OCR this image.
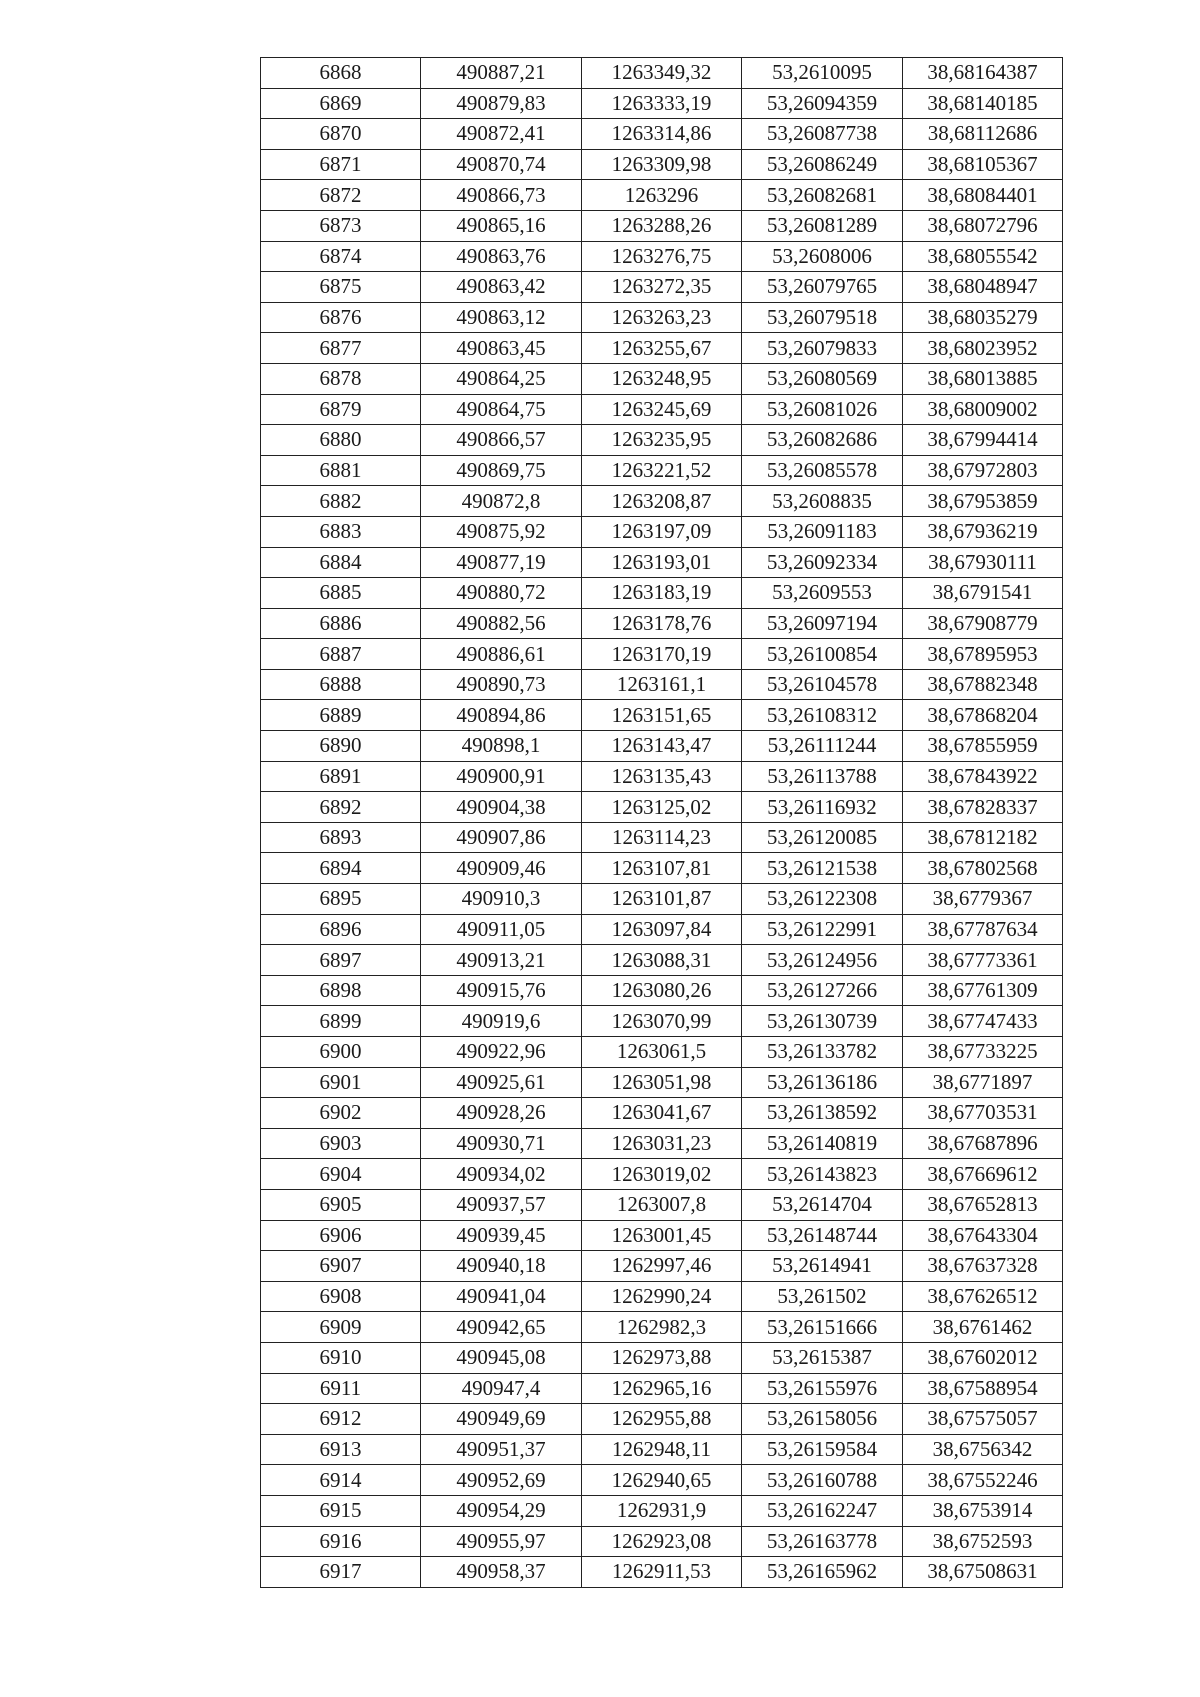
6868	490887,21	1263349,32	53,2610095	38,68164387
6869	490879,83	1263333,19	53,26094359	38,68140185
6870	490872,41	1263314,86	53,26087738	38,68112686
6871	490870,74	1263309,98	53,26086249	38,68105367
6872	490866,73	1263296	53,26082681	38,68084401
6873	490865,16	1263288,26	53,26081289	38,68072796
6874	490863,76	1263276,75	53,2608006	38,68055542
6875	490863,42	1263272,35	53,26079765	38,68048947
6876	490863,12	1263263,23	53,26079518	38,68035279
6877	490863,45	1263255,67	53,26079833	38,68023952
6878	490864,25	1263248,95	53,26080569	38,68013885
6879	490864,75	1263245,69	53,26081026	38,68009002
6880	490866,57	1263235,95	53,26082686	38,67994414
6881	490869,75	1263221,52	53,26085578	38,67972803
6882	490872,8	1263208,87	53,2608835	38,67953859
6883	490875,92	1263197,09	53,26091183	38,67936219
6884	490877,19	1263193,01	53,26092334	38,67930111
6885	490880,72	1263183,19	53,2609553	38,6791541
6886	490882,56	1263178,76	53,26097194	38,67908779
6887	490886,61	1263170,19	53,26100854	38,67895953
6888	490890,73	1263161,1	53,26104578	38,67882348
6889	490894,86	1263151,65	53,26108312	38,67868204
6890	490898,1	1263143,47	53,26111244	38,67855959
6891	490900,91	1263135,43	53,26113788	38,67843922
6892	490904,38	1263125,02	53,26116932	38,67828337
6893	490907,86	1263114,23	53,26120085	38,67812182
6894	490909,46	1263107,81	53,26121538	38,67802568
6895	490910,3	1263101,87	53,26122308	38,6779367
6896	490911,05	1263097,84	53,26122991	38,67787634
6897	490913,21	1263088,31	53,26124956	38,67773361
6898	490915,76	1263080,26	53,26127266	38,67761309
6899	490919,6	1263070,99	53,26130739	38,67747433
6900	490922,96	1263061,5	53,26133782	38,67733225
6901	490925,61	1263051,98	53,26136186	38,6771897
6902	490928,26	1263041,67	53,26138592	38,67703531
6903	490930,71	1263031,23	53,26140819	38,67687896
6904	490934,02	1263019,02	53,26143823	38,67669612
6905	490937,57	1263007,8	53,2614704	38,67652813
6906	490939,45	1263001,45	53,26148744	38,67643304
6907	490940,18	1262997,46	53,2614941	38,67637328
6908	490941,04	1262990,24	53,261502	38,67626512
6909	490942,65	1262982,3	53,26151666	38,6761462
6910	490945,08	1262973,88	53,2615387	38,67602012
6911	490947,4	1262965,16	53,26155976	38,67588954
6912	490949,69	1262955,88	53,26158056	38,67575057
6913	490951,37	1262948,11	53,26159584	38,6756342
6914	490952,69	1262940,65	53,26160788	38,67552246
6915	490954,29	1262931,9	53,26162247	38,6753914
6916	490955,97	1262923,08	53,26163778	38,6752593
6917	490958,37	1262911,53	53,26165962	38,67508631
